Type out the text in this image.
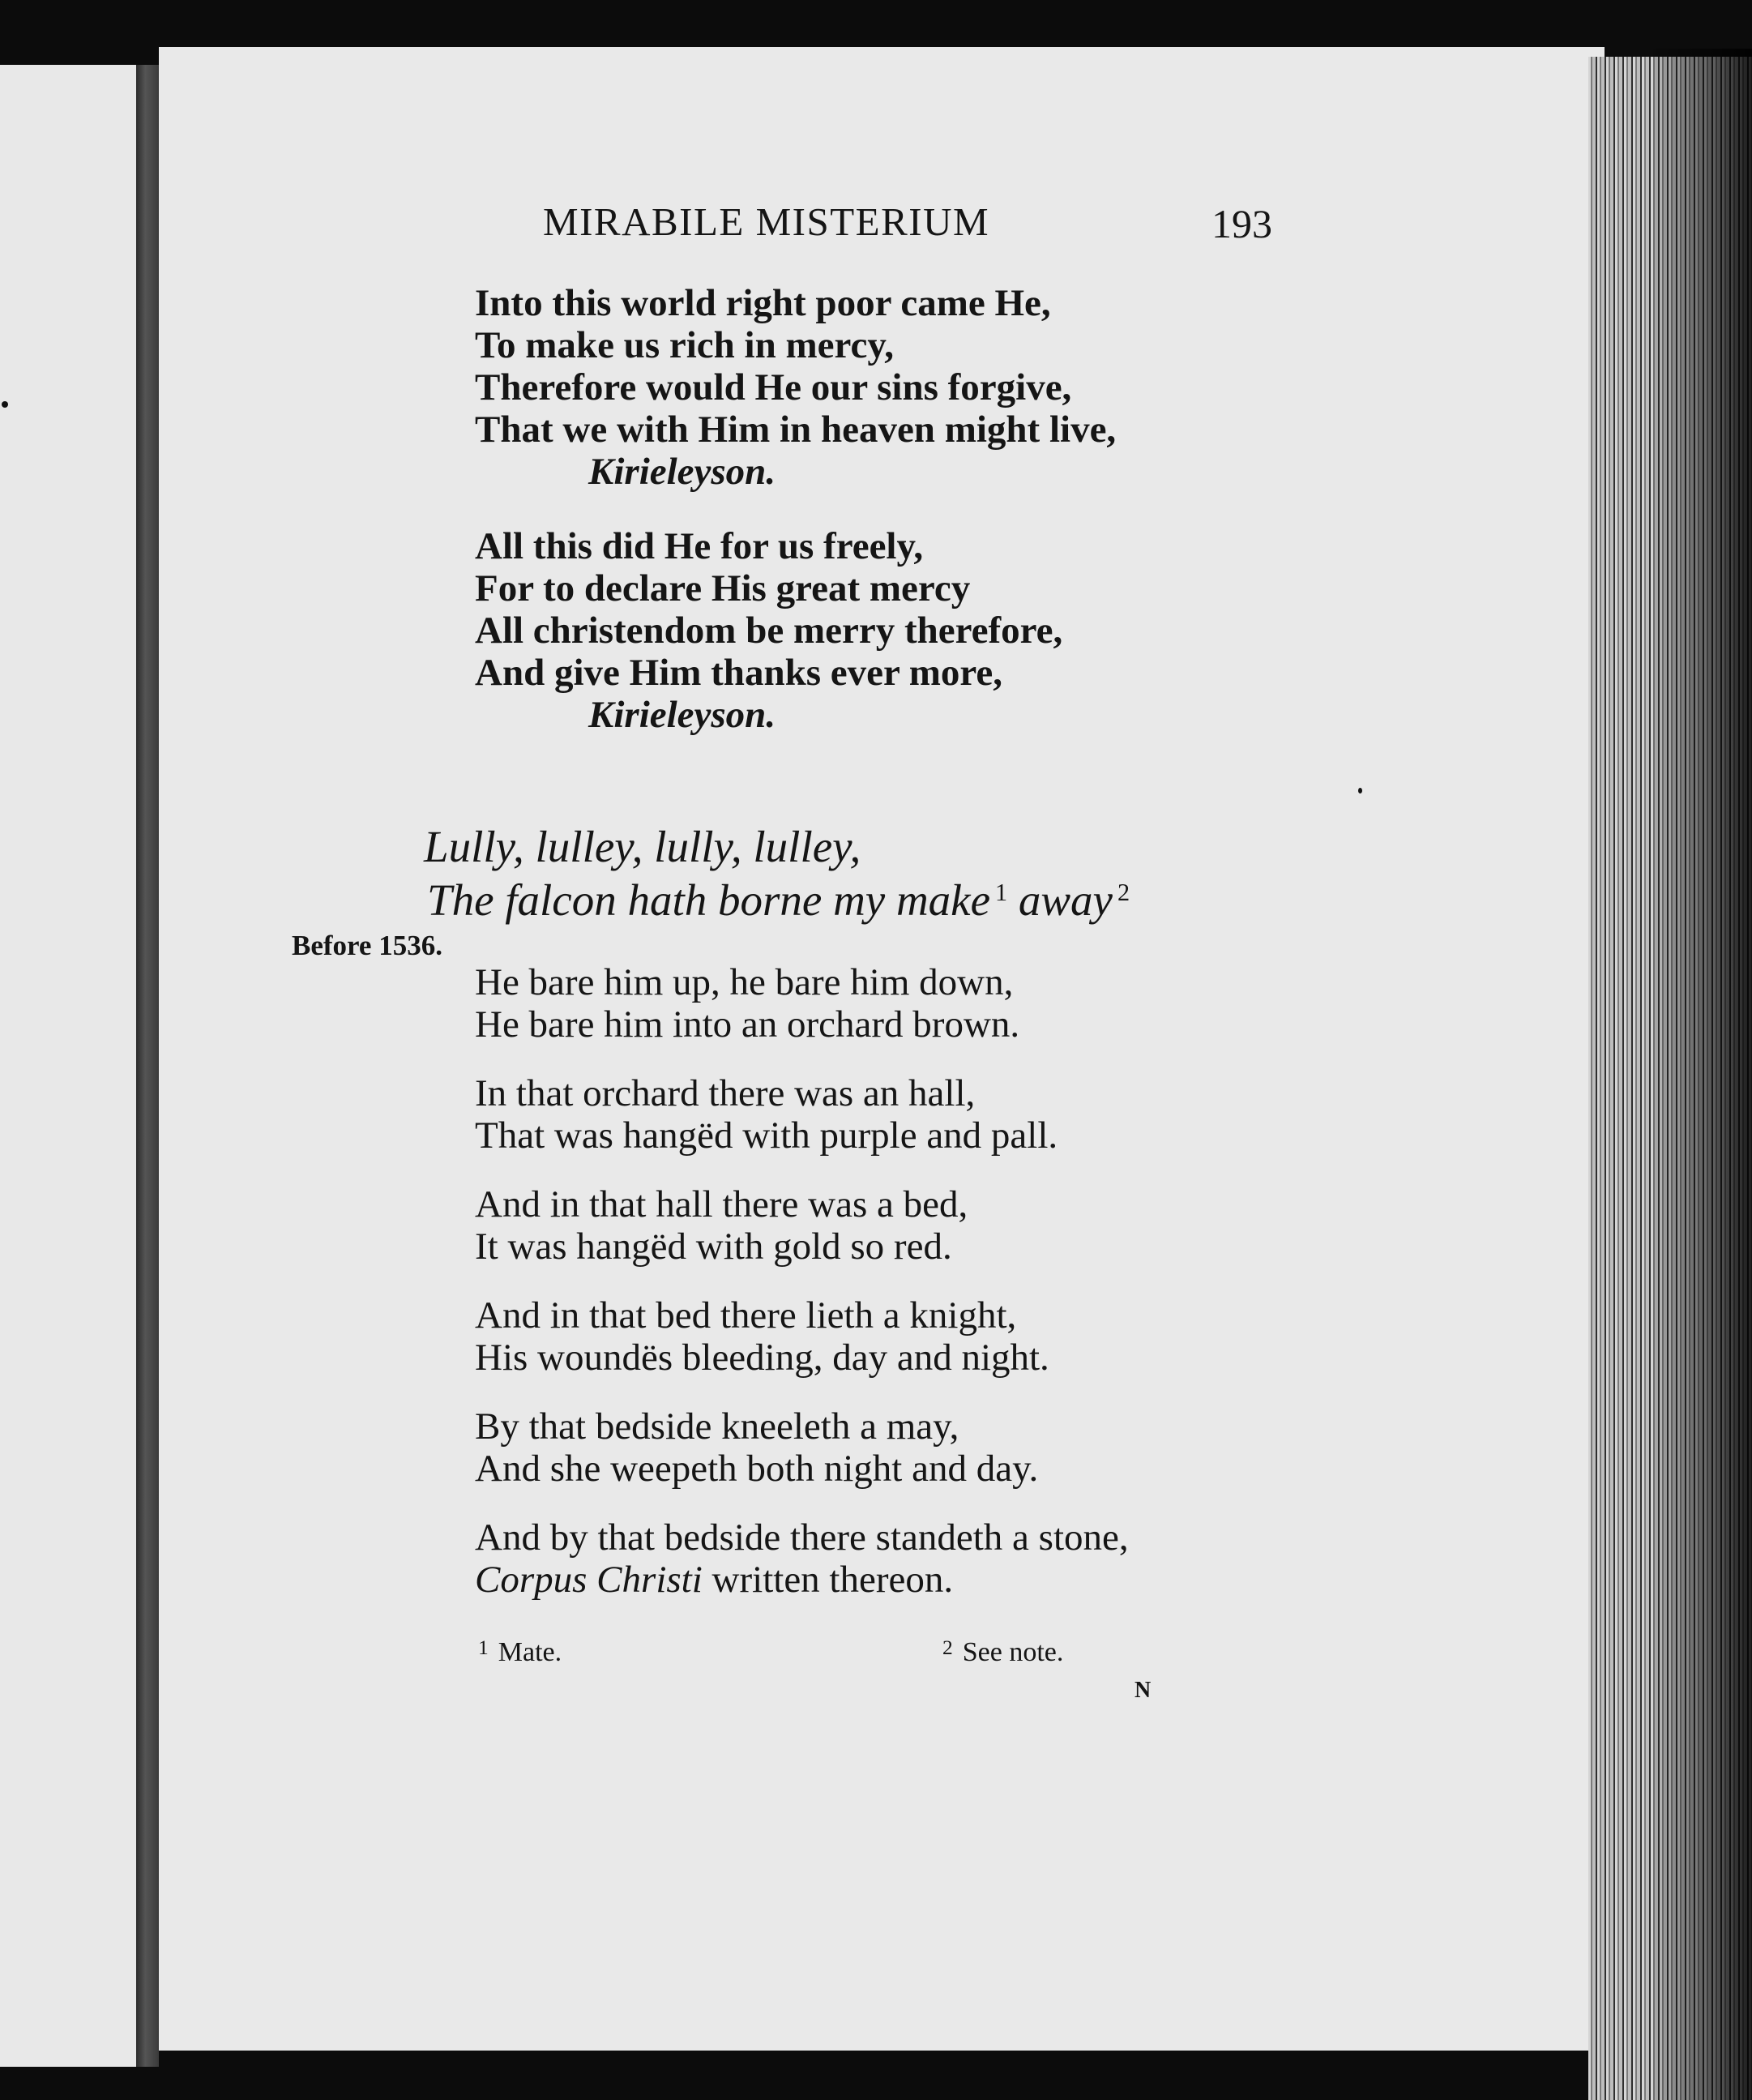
MIRABILE MISTERIUM	193
Into this world right poor came He,
To make us rich in mercy,
Therefore would He our sins forgive,
That we with Him in heaven might live,
Kirieleyson.
All this did He for us freely,
For to declare His great mercy
All christendom be merry therefore,
And give Him thanks ever more,
Kirieleyson.
Lully, lulley, lully, lulley,
The falcon hath borne my make $^1$ away $^2$
Before 1536.
He bare him up, he bare him down,
He bare him into an orchard brown.
In that orchard there was an hall,
That was hangëd with purple and pall.
And in that hall there was a bed,
It was hangëd with gold so red.
And in that bed there lieth a knight,
His woundës bleeding, day and night.
By that bedside kneeleth a may,
And she weepeth both night and day.
And by that bedside there standeth a stone,
Corpus Christi written thereon.
$^1$ Mate.	$^2$ See note.
N
